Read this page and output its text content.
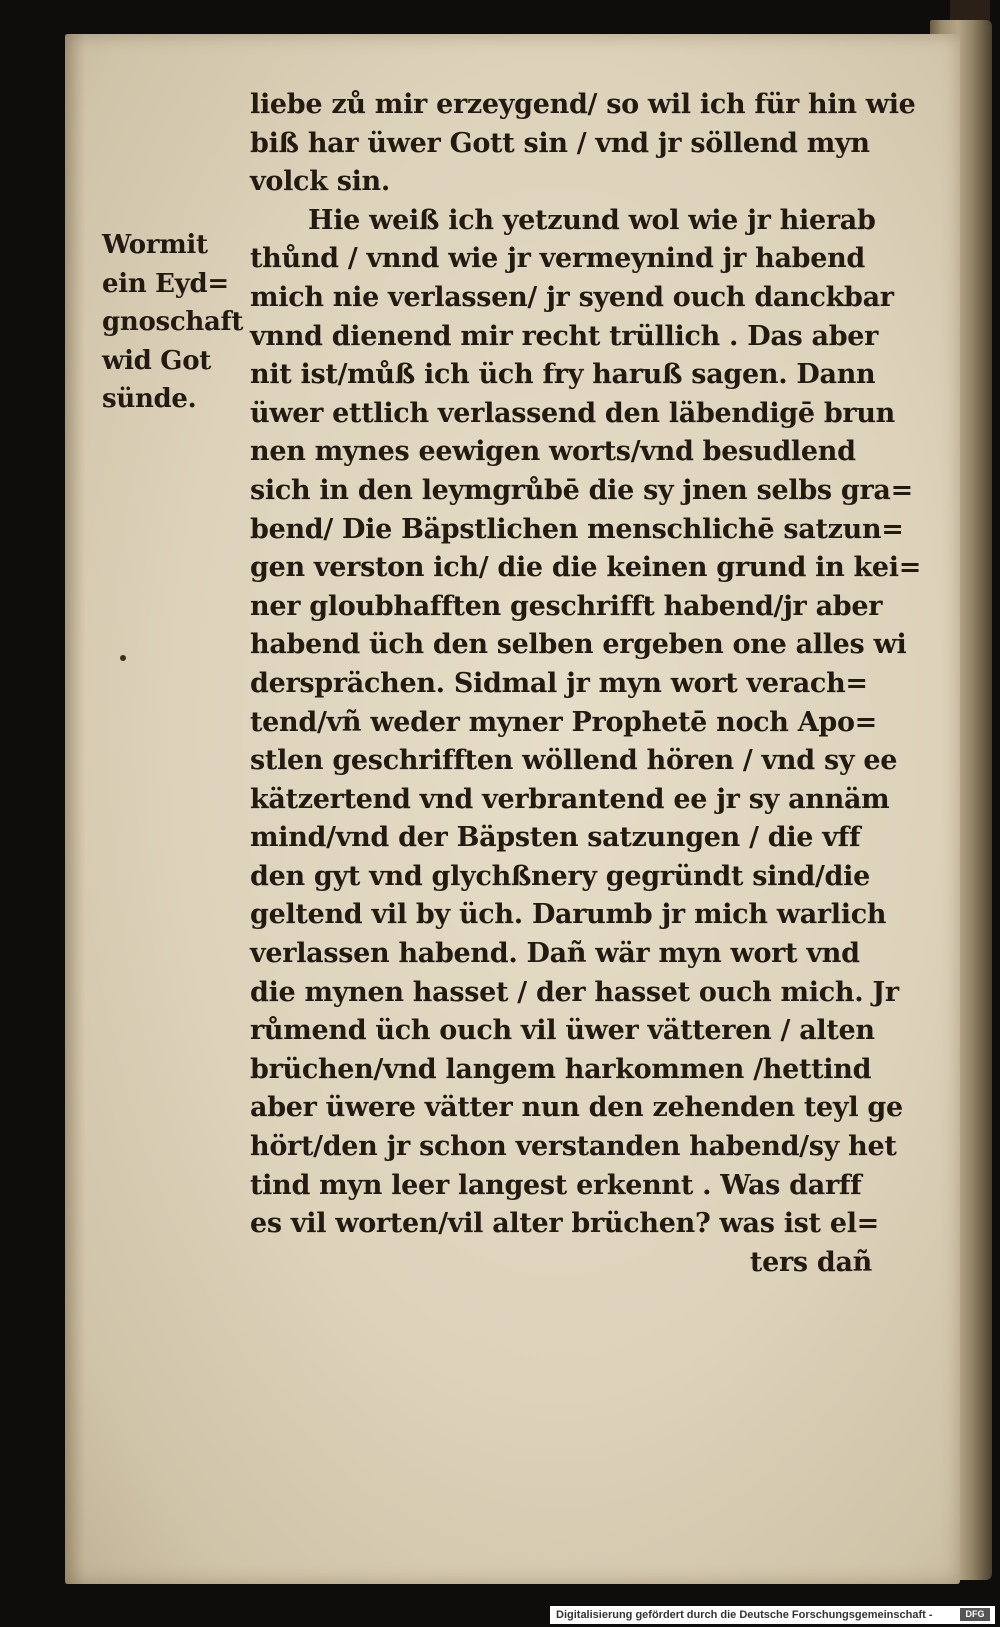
Wormit
ein Eyd=
gnoschaft
wid Got
sünde.
liebe zů mir erzeygend/ so wil ich für hin wie
biß har üwer Gott sin / vnd jr söllend myn
volck sin.
Hie weiß ich yetzund wol wie jr hierab
thůnd / vnnd wie jr vermeynind jr habend
mich nie verlassen/ jr syend ouch danckbar
vnnd dienend mir recht trüllich . Das aber
nit ist/můß ich üch fry haruß sagen. Dann
üwer ettlich verlassend den läbendigē brun
nen mynes eewigen worts/vnd besudlend
sich in den leymgrůbē die sy jnen selbs gra=
bend/ Die Bäpstlichen menschlichē satzun=
gen verston ich/ die die keinen grund in kei=
ner gloubhafften geschrifft habend/jr aber
habend üch den selben ergeben one alles wi
dersprächen. Sidmal jr myn wort verach=
tend/vñ weder myner Prophetē noch Apo=
stlen geschrifften wöllend hören / vnd sy ee
kätzertend vnd verbrantend ee jr sy annäm
mind/vnd der Bäpsten satzungen / die vff
den gyt vnd glychßnery gegründt sind/die
geltend vil by üch. Darumb jr mich warlich
verlassen habend. Dañ wär myn wort vnd
die mynen hasset / der hasset ouch mich. Jr
růmend üch ouch vil üwer vätteren / alten
brüchen/vnd langem harkommen /hettind
aber üwere vätter nun den zehenden teyl ge
hört/den jr schon verstanden habend/sy het
tind myn leer langest erkennt . Was darff
es vil worten/vil alter brüchen? was ist el=
ters dañ
Digitalisierung gefördert durch die Deutsche Forschungsgemeinschaft -	DFG
